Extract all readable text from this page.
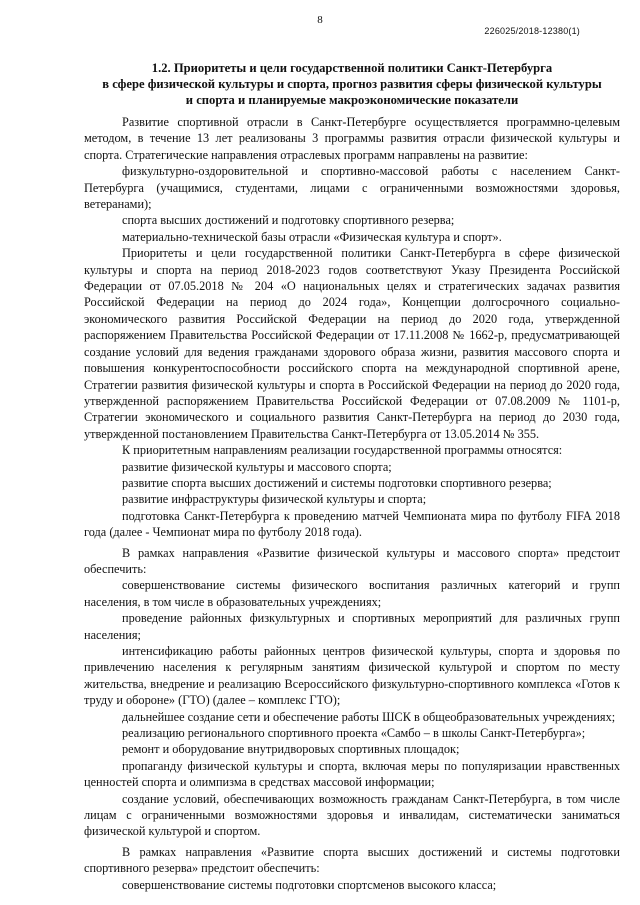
8
226025/2018-12380(1)
1.2. Приоритеты и цели государственной политики Санкт-Петербурга
в сфере физической культуры и спорта, прогноз развития сферы физической культуры
и спорта и планируемые макроэкономические показатели

Развитие спортивной отрасли в Санкт-Петербурге осуществляется программно-целевым методом, в течение 13 лет реализованы 3 программы развития отрасли физической культуры и спорта. Стратегические направления отраслевых программ направлены на развитие:

физкультурно-оздоровительной и спортивно-массовой работы с населением Санкт-Петербурга (учащимися, студентами, лицами с ограниченными возможностями здоровья, ветеранами);

спорта высших достижений и подготовку спортивного резерва;

материально-технической базы отрасли «Физическая культура и спорт».

Приоритеты и цели государственной политики Санкт-Петербурга в сфере физической культуры и спорта на период 2018-2023 годов соответствуют Указу Президента Российской Федерации от 07.05.2018 № 204 «О национальных целях и стратегических задачах развития Российской Федерации на период до 2024 года», Концепции долгосрочного социально-экономического развития Российской Федерации на период до 2020 года, утвержденной распоряжением Правительства Российской Федерации от 17.11.2008 № 1662-р, предусматривающей создание условий для ведения гражданами здорового образа жизни, развития массового спорта и повышения конкурентоспособности российского спорта на международной спортивной арене, Стратегии развития физической культуры и спорта в Российской Федерации на период до 2020 года, утвержденной распоряжением Правительства Российской Федерации от 07.08.2009 № 1101-р, Стратегии экономического и социального развития Санкт-Петербурга на период до 2030 года, утвержденной постановлением Правительства Санкт-Петербурга от 13.05.2014 № 355.

К приоритетным направлениям реализации государственной программы относятся:

развитие физической культуры и массового спорта;

развитие спорта высших достижений и системы подготовки спортивного резерва;

развитие инфраструктуры физической культуры и спорта;

подготовка Санкт-Петербурга к проведению матчей Чемпионата мира по футболу FIFA 2018 года (далее - Чемпионат мира по футболу 2018 года).

В рамках направления «Развитие физической культуры и массового спорта» предстоит обеспечить:

совершенствование системы физического воспитания различных категорий и групп населения, в том числе в образовательных учреждениях;

проведение районных физкультурных и спортивных мероприятий для различных групп населения;

интенсификацию работы районных центров физической культуры, спорта и здоровья по привлечению населения к регулярным занятиям физической культурой и спортом по месту жительства, внедрение и реализацию Всероссийского физкультурно-спортивного комплекса «Готов к труду и обороне» (ГТО) (далее – комплекс ГТО);

дальнейшее создание сети и обеспечение работы ШСК в общеобразовательных учреждениях;

реализацию регионального спортивного проекта «Самбо – в школы Санкт-Петербурга»;

ремонт и оборудование внутридворовых спортивных площадок;

пропаганду физической культуры и спорта, включая меры по популяризации нравственных ценностей спорта и олимпизма в средствах массовой информации;

создание условий, обеспечивающих возможность гражданам Санкт-Петербурга, в том числе лицам с ограниченными возможностями здоровья и инвалидам, систематически заниматься физической культурой и спортом.

В рамках направления «Развитие спорта высших достижений и системы подготовки спортивного резерва» предстоит обеспечить:

совершенствование системы подготовки спортсменов высокого класса;
